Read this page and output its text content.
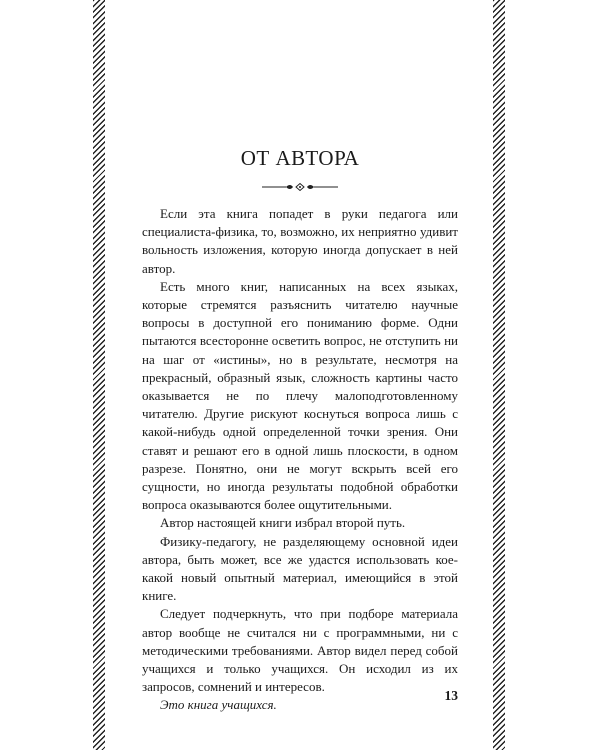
ОТ АВТОРА

Если эта книга попадет в руки педагога или специалиста-физика, то, возможно, их неприятно удивит вольность изложения, которую иногда допускает в ней автор.

Есть много книг, написанных на всех языках, которые стремятся разъяснить читателю научные вопросы в доступной его пониманию форме. Одни пытаются всесторонне осветить вопрос, не отступить ни на шаг от «истины», но в результате, несмотря на прекрасный, образный язык, сложность картины часто оказывается не по плечу малоподготовленному читателю. Другие рискуют коснуться вопроса лишь с какой-нибудь одной определенной точки зрения. Они ставят и решают его в одной лишь плоскости, в одном разрезе. Понятно, они не могут вскрыть всей его сущности, но иногда результаты подобной обработки вопроса оказываются более ощутительными.

Автор настоящей книги избрал второй путь.

Физику-педагогу, не разделяющему основной идеи автора, быть может, все же удастся использовать кое-какой новый опытный материал, имеющийся в этой книге.

Следует подчеркнуть, что при подборе материала автор вообще не считался ни с программными, ни с методическими требованиями. Автор видел перед собой учащихся и только учащихся. Он исходил из их запросов, сомнений и интересов.

Это книга учащихся.

13
